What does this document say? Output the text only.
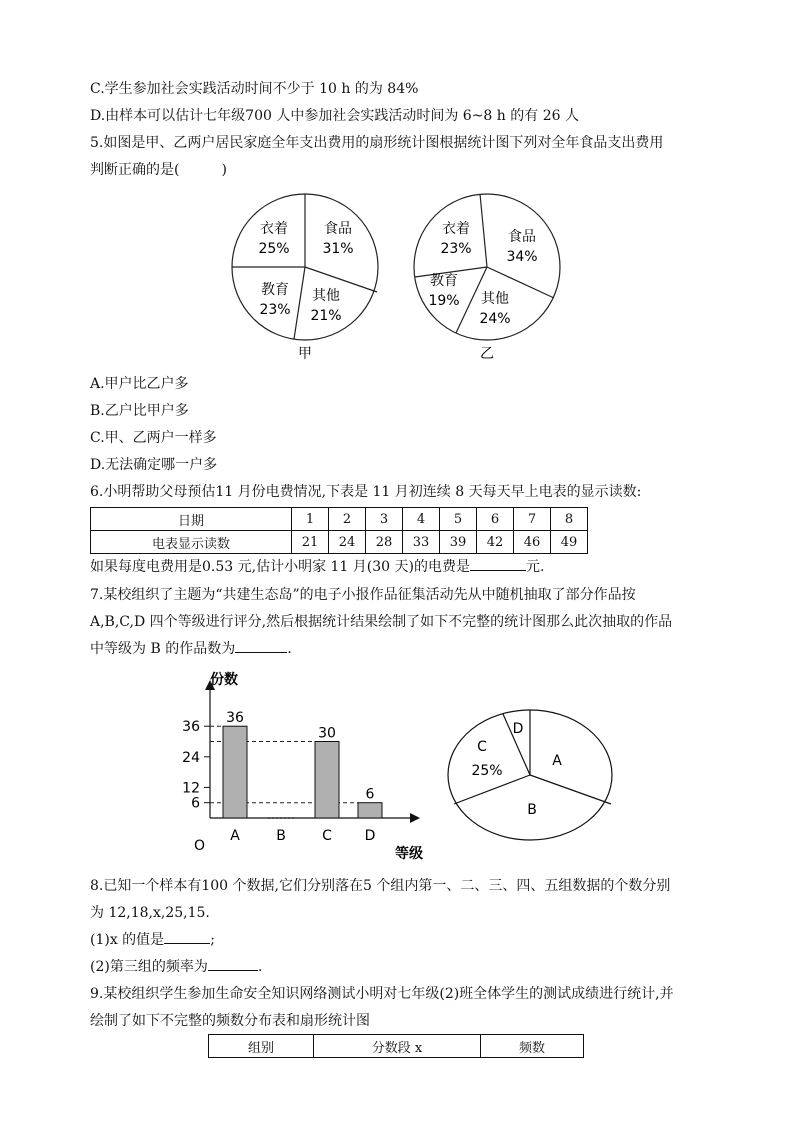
C.学生参加社会实践活动时间不少于 10 h 的为 84%
D.由样本可以估计七年级700 人中参加社会实践活动时间为 6~8 h 的有 26 人
5.如图是甲、乙两户居民家庭全年支出费用的扇形统计图根据统计图下列对全年食品支出费用
判断正确的是(　　　)
衣着
25%
食品
31%
其他
21%
教育
23%
甲
衣着
23%
食品
34%
其他
24%
教育
19%
乙
A.甲户比乙户多
B.乙户比甲户多
C.甲、乙两户一样多
D.无法确定哪一户多
6.小明帮助父母预估11 月份电费情况,下表是 11 月初连续 8 天每天早上电表的显示读数:
日期	1	2	3	4	5	6	7	8
电表显示读数	21	24	28	33	39	42	46	49
如果每度电费用是0.53 元,估计小明家 11 月(30 天)的电费是	元.
7.某校组织了主题为“共建生态岛”的电子小报作品征集活动先从中随机抽取了部分作品按
A,B,C,D 四个等级进行评分,然后根据统计结果绘制了如下不完整的统计图那么此次抽取的作品
中等级为 B 的作品数为	.
份数
等级
O
6
12
24
36
36
30
6
A	B	C D
A
B
C
25%
D
8.已知一个样本有100 个数据,它们分别落在5 个组内第一、二、三、四、五组数据的个数分别
为 12,18,x,25,15.
(1)x 的值是	;
(2)第三组的频率为	.
9.某校组织学生参加生命安全知识网络测试小明对七年级(2)班全体学生的测试成绩进行统计,并
绘制了如下不完整的频数分布表和扇形统计图
组别	分数段 x	频数
